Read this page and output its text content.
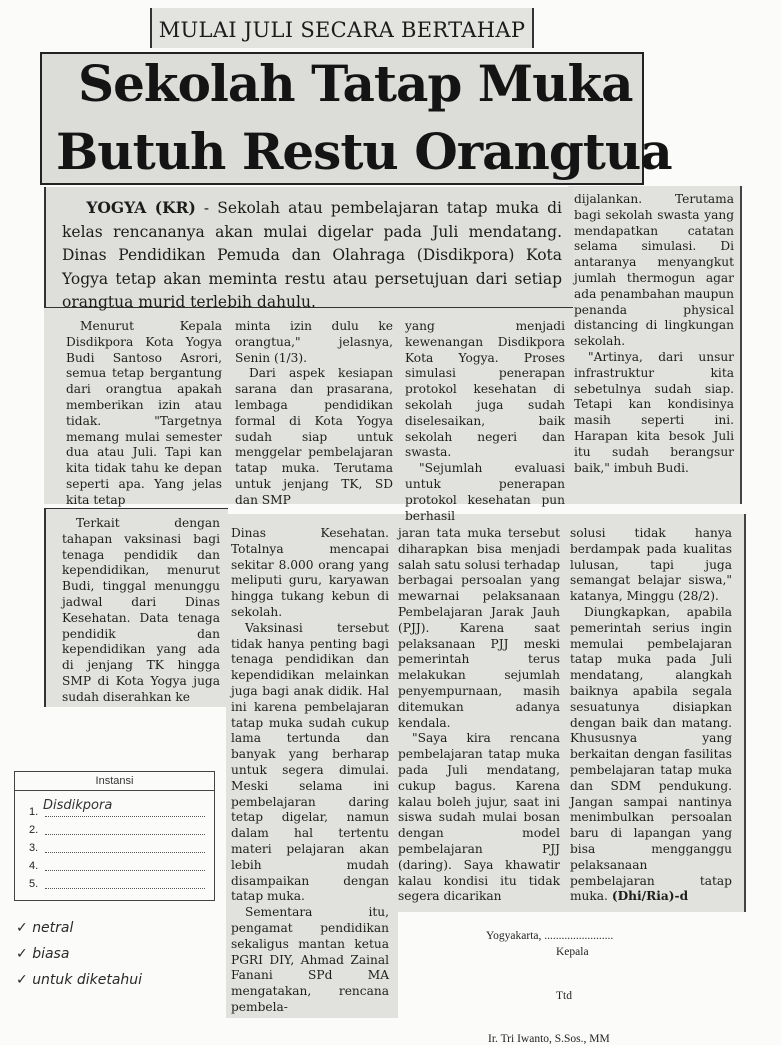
MULAI JULI SECARA BERTAHAP
Sekolah Tatap Muka
Butuh Restu Orangtua

YOGYA (KR) - Sekolah atau pembelajaran tatap muka di kelas rencananya akan mulai digelar pada Juli mendatang. Dinas Pendidikan Pemuda dan Olahraga (Disdikpora) Kota Yogya tetap akan meminta restu atau persetujuan dari setiap orangtua murid terlebih dahulu.

Menurut Kepala Disdikpora Kota Yogya Budi Santoso Asrori, semua tetap bergantung dari orangtua apakah memberikan izin atau tidak. "Targetnya memang mulai semester dua atau Juli. Tapi kan kita tidak tahu ke depan seperti apa. Yang jelas kita tetap

minta izin dulu ke orangtua," jelasnya, Senin (1/3).

Dari aspek kesiapan sarana dan prasarana, lembaga pendidikan formal di Kota Yogya sudah siap untuk menggelar pembelajaran tatap muka. Terutama untuk jenjang TK, SD dan SMP

yang menjadi kewenangan Disdikpora Kota Yogya. Proses simulasi penerapan protokol kesehatan di sekolah juga sudah diselesaikan, baik sekolah negeri dan swasta.

"Sejumlah evaluasi untuk penerapan protokol kesehatan pun berhasil

dijalankan. Terutama bagi sekolah swasta yang mendapatkan catatan selama simulasi. Di antaranya menyangkut jumlah thermogun agar ada penambahan maupun penanda physical distancing di lingkungan sekolah.

"Artinya, dari unsur infrastruktur kita sebetulnya sudah siap. Tetapi kan kondisinya masih seperti ini. Harapan kita besok Juli itu sudah berangsur baik," imbuh Budi.

Terkait dengan tahapan vaksinasi bagi tenaga pendidik dan kependidikan, menurut Budi, tinggal menunggu jadwal dari Dinas Kesehatan. Data tenaga pendidik dan kependidikan yang ada di jenjang TK hingga SMP di Kota Yogya juga sudah diserahkan ke

Dinas Kesehatan. Totalnya mencapai sekitar 8.000 orang yang meliputi guru, karyawan hingga tukang kebun di sekolah.

Vaksinasi tersebut tidak hanya penting bagi tenaga pendidikan dan kependidikan melainkan juga bagi anak didik. Hal ini karena pembelajaran tatap muka sudah cukup lama tertunda dan banyak yang berharap untuk segera dimulai. Meski selama ini pembelajaran daring tetap digelar, namun dalam hal tertentu materi pelajaran akan lebih mudah disampaikan dengan tatap muka.

Sementara itu, pengamat pendidikan sekaligus mantan ketua PGRI DIY, Ahmad Zainal Fanani SPd MA mengatakan, rencana pembela-

jaran tata muka tersebut diharapkan bisa menjadi salah satu solusi terhadap berbagai persoalan yang mewarnai pelaksanaan Pembelajaran Jarak Jauh (PJJ). Karena saat pelaksanaan PJJ meski pemerintah terus melakukan sejumlah penyempurnaan, masih ditemukan adanya kendala.

"Saya kira rencana pembelajaran tatap muka pada Juli mendatang, cukup bagus. Karena kalau boleh jujur, saat ini siswa sudah mulai bosan dengan model pembelajaran PJJ (daring). Saya khawatir kalau kondisi itu tidak segera dicarikan

solusi tidak hanya berdampak pada kualitas lulusan, tapi juga semangat belajar siswa," katanya, Minggu (28/2).

Diungkapkan, apabila pemerintah serius ingin memulai pembelajaran tatap muka pada Juli mendatang, alangkah baiknya apabila segala sesuatunya disiapkan dengan baik dan matang. Khususnya yang berkaitan dengan fasilitas pembelajaran tatap muka dan SDM pendukung. Jangan sampai nantinya menimbulkan persoalan baru di lapangan yang bisa mengganggu pelaksanaan pembelajaran tatap muka. (Dhi/Ria)-d

Instansi
1.
2.
3.
4.
5.
Disdikpora
✓ netral
✓ biasa
✓ untuk diketahui
Yogyakarta, ........................
Kepala
Ttd
Ir. Tri Iwanto, S.Sos., MM
